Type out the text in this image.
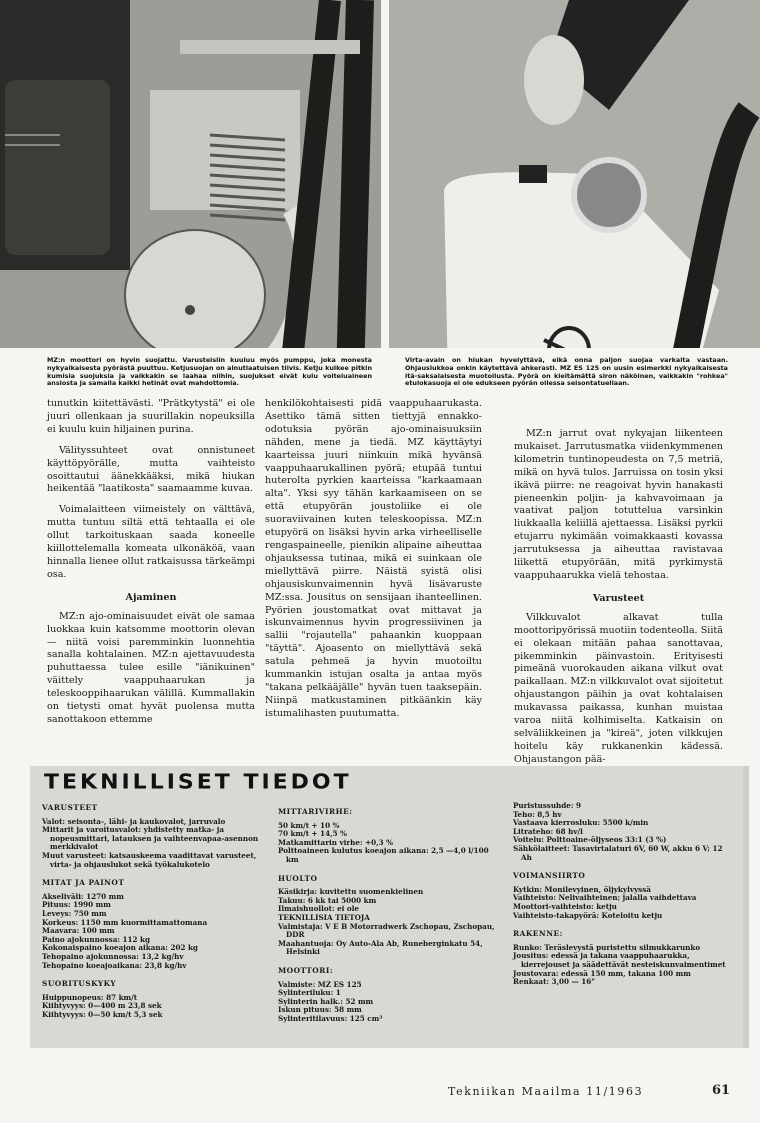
MZ:n moottori on hyvin suojattu. Varusteisiin kuuluu myös pumppu, joka monesta nykyaikaisesta pyörästä puuttuu. Ketjusuojan on ainutlaatuisen tiivis. Ketju kulkee pitkin kumisia suojuksia ja vaikkakin se laahaa niihin, suojukset eivät kulu voiteluaineen ansiosta ja samalla kaikki hetinät ovat mahdottomia.
Virta-avain on hiukan hyvelyttävä, eikä onna paljon suojaa varkaita vastaan. Ohjauslukkoa onkin käytettävä ahkerasti. MZ ES 125 on uusin esimerkki nykyaikaisesta itä-saksalaisesta muotoilusta. Pyörä on kieltämättä siron näköinen, vaikkakin "rohkea" etulokasuoja ei ole edukseen pyörän ollessa seisontatuellaan.

tunutkin kiitettävästi. "Prätkytystä" ei ole juuri ollenkaan ja suurillakin nopeuksilla ei kuulu kuin hiljainen purina.

Välityssuhteet ovat onnistuneet käyttöpyörälle, mutta vaihteisto osoittautui äänekkääksi, mikä hiukan heikentää "laatikosta" saamaamme kuvaa.

Voimalaitteen viimeistely on välttävä, mutta tuntuu siltä että tehtaalla ei ole ollut tarkoituskaan saada koneelle kiillottelemalla komeata ulkonäköä, vaan hinnalla lienee ollut ratkaisussa tärkeämpi osa.

Ajaminen

MZ:n ajo-ominaisuudet eivät ole samaa luokkaa kuin katsomme moottorin olevan — niitä voisi paremminkin luonnehtia sanalla kohtalainen. MZ:n ajettavuudesta puhuttaessa tulee esille "iänikuinen" väittely vaappuhaarukan ja teleskooppihaarukan välillä. Kummallakin on tietysti omat hyvät puolensa mutta sanottakoon ettemme

henkilökohtaisesti pidä vaappuhaarukasta. Asettiko tämä sitten tiettyjä ennakko-odotuksia pyörän ajo-ominaisuuksiin nähden, mene ja tiedä. MZ käyttäytyi kaarteissa juuri niinkuin mikä hyvänsä vaappuhaarukallinen pyörä; etupää tuntui huterolta pyrkien kaarteissa "karkaamaan alta". Yksi syy tähän karkaamiseen on se että etupyörän joustoliike ei ole suoraviivainen kuten teleskoopissa. MZ:n etupyörä on lisäksi hyvin arka virheelliselle rengaspaineelle, pienikin alipaine aiheuttaa ohjauksessa tutinaa, mikä ei suinkaan ole miellyttävä piirre. Näistä syistä olisi ohjausiskunvaimennin hyvä lisävaruste MZ:ssa. Jousitus on sensijaan ihanteellinen. Pyörien joustomatkat ovat mittavat ja iskunvaimennus hyvin progressiivinen ja sallii "rojautella" pahaankin kuoppaan "täyttä". Ajoasento on miellyttävä sekä satula pehmeä ja hyvin muotoiltu kummankin istujan osalta ja antaa myös "takana pelkääjälle" hyvän tuen taaksepäin. Niinpä matkustaminen pitkäänkin käy istumalihasten puutumatta.

MZ:n jarrut ovat nykyajan liikenteen mukaiset. Jarrutusmatka viidenkymmenen kilometrin tuntinopeudesta on 7,5 metriä, mikä on hyvä tulos. Jarruissa on tosin yksi ikävä piirre: ne reagoivat hyvin hanakasti pieneenkin poljin- ja kahvavoimaan ja vaativat paljon totuttelua varsinkin liukkaalla keliillä ajettaessa. Lisäksi pyrkii etujarru nykimään voimakkaasti kovassa jarrutuksessa ja aiheuttaa ravistavaa liikettä etupyörään, mitä pyrkimystä vaappuhaarukka vielä tehostaa.

Varusteet

Vilkkuvalot alkavat tulla moottoripyörissä muotiin todenteolla. Siitä ei olekaan mitään pahaa sanottavaa, pikemminkin päinvastoin. Erityisesti pimeänä vuorokauden aikana vilkut ovat paikallaan. MZ:n vilkkuvalot ovat sijoitetut ohjaustangon päihin ja ovat kohtalaisen mukavassa paikassa, kunhan muistaa varoa niitä kolhimiselta. Katkaisin on selväliikkeinen ja "kireä", joten vilkkujen hoitelu käy rukkanenkin kädessä. Ohjaustangon pää-

TEKNILLISET TIEDOT
VARUSTEET
Valot: seisonta-, lähi- ja kaukovalot, jarruvalo
Mittarit ja varoitusvalot: yhdistetty matka- ja nopeusmittari, latauksen ja vaihteenvapaa-asennon merkkivalot
Muut varusteet: katsauskeema vaadittavat varusteet, virta- ja ohjauslukot sekä työkalukotelo
MITAT JA PAINOT
Akseliväli: 1270 mm
Pituus: 1990 mm
Leveys: 750 mm
Korkeus: 1150 mm kuormittamattomana
Maavara: 100 mm
Paino ajokunnossa: 112 kg
Kokonaispaino koeajon aikana: 202 kg
Tehopaino ajokunnossa: 13,2 kg/hv
Tehopaino koeajoaikana: 23,8 kg/hv
SUORITUSKYKY
Huippunopeus: 87 km/t
Kiihtyvyys: 0—400 m 23,8 sek
Kiihtyvyys: 0—50 km/t 5,3 sek
MITTARIVIRHE:
50 km/t + 10 %
70 km/t + 14,5 %
Matkamittarin virhe: +0,3 %
Polttoaineen kulutus koeajon aikana: 2,5 —4,0 l/100 km
HUOLTO
Käsikirja: kuvitettu suomenkielinen
Takuu: 6 kk tai 5000 km
Ilmaishuollot: ei ole
TEKNILLISIA TIETOJA
Valmistaja: V E B Motorradwerk Zschopau, Zschopau, DDR
Maahantuoja: Oy Auto-Ala Ab, Runeberginkatu 54, Helsinki
MOOTTORI:
Valmiste: MZ ES 125
Sylinteriluku: 1
Sylinterin halk.: 52 mm
Iskun pituus: 58 mm
Sylinteritilavuus: 125 cm³
Puristussuhde: 9
Teho: 8,5 hv
Vastaava kierrosluku: 5500 k/min
Litrateho: 68 hv/l
Voitelu: Polttoaine-öljyseos 33:1 (3 %)
Sähkölaitteet: Tasavirtalaturi 6V, 60 W, akku 6 V; 12 Ah
VOIMANSIIRTO
Kytkin: Monilevyinen, öljykylvyssä
Vaihteisto: Nelivaihteinen; jalalla vaihdettava
Moottori-vaihteisto: ketju
Vaihteisto-takapyörä: Koteloitu ketju
RAKENNE:
Runko: Teräslevystä puristettu silmukkarunko
Jousitus: edessä ja takana vaappuhaarukka, kierrejouset ja säädettävät nesteiskunvaimentimet
Joustovara: edessä 150 mm, takana 100 mm
Renkaat: 3,00 — 16"
Tekniikan Maailma 11/1963	61
